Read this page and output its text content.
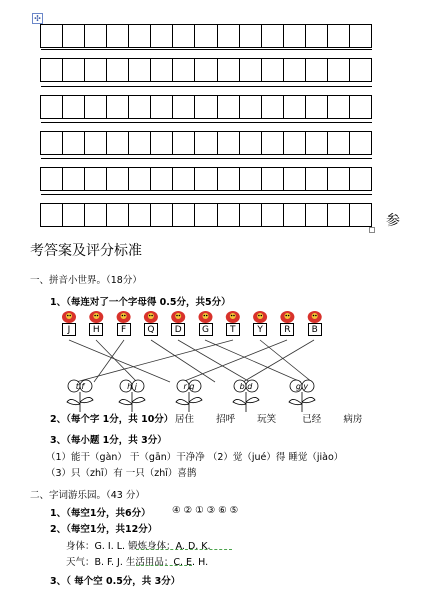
✣
参
考答案及评分标准
一、拼音小世界。（18分）
1、（每连对了一个字母得 0.5分，共5分）
t f	h j	r q	b d	g y
J	H	F	Q	D	G	T	Y	R	B
2、（每个字 1分，共 10分） 居住 招呼 玩笑	已经 病房
3、（每小题 1分，共 3分）
（1）能干（gàn） 干（gān）干净净 （2）觉（jué）得 睡觉（jiào）
（3）只（zhī）有 一只（zhī）喜鹊
二、字词游乐园。（43 分）
1、（每空1分，共6分） ④ ② ① ③ ⑥ ⑤
2、（每空1分，共12分）
身体：G. I. L. 锻炼身体：A. D. K.
天气：B. F. J. 生活用品：C. E. H.
3、（ 每个空 0.5分，共 3分）
